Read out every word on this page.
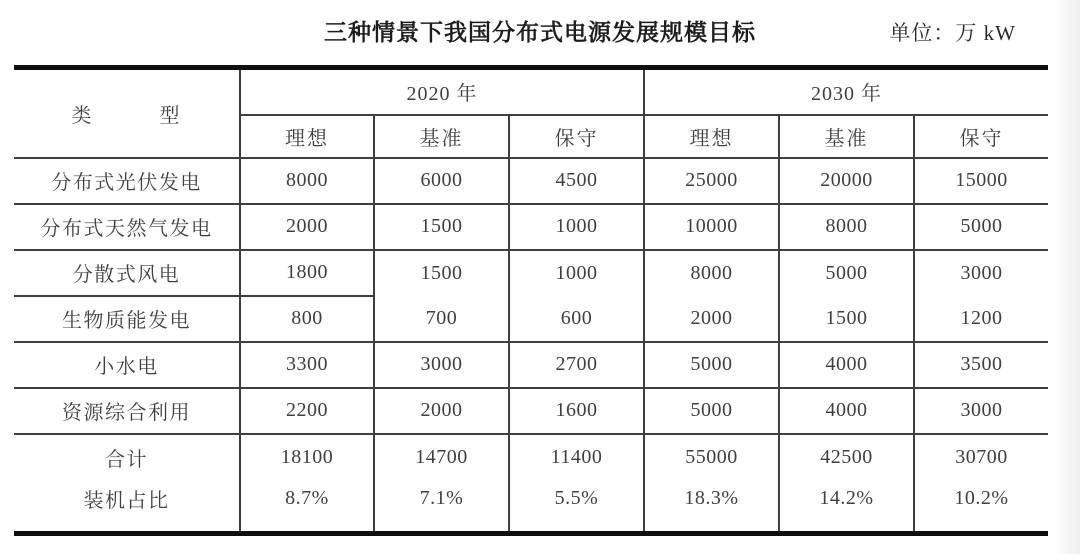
三种情景下我国分布式电源发展规模目标	单位：万 kW
类　　　型	2020 年			2030 年		
	理想	基准	保守	理想	基准	保守
分布式光伏发电	8000	6000	4500	25000	20000	15000
分布式天然气发电	2000	1500	1000	10000	8000	5000
分散式风电	1800	1500	1000	8000	5000	3000
生物质能发电	800	700	600	2000	1500	1200
小水电	3300	3000	2700	5000	4000	3500
资源综合利用	2200	2000	1600	5000	4000	3000
合计	18100	14700	11400	55000	42500	30700
装机占比	8.7%	7.1%	5.5%	18.3%	14.2%	10.2%
